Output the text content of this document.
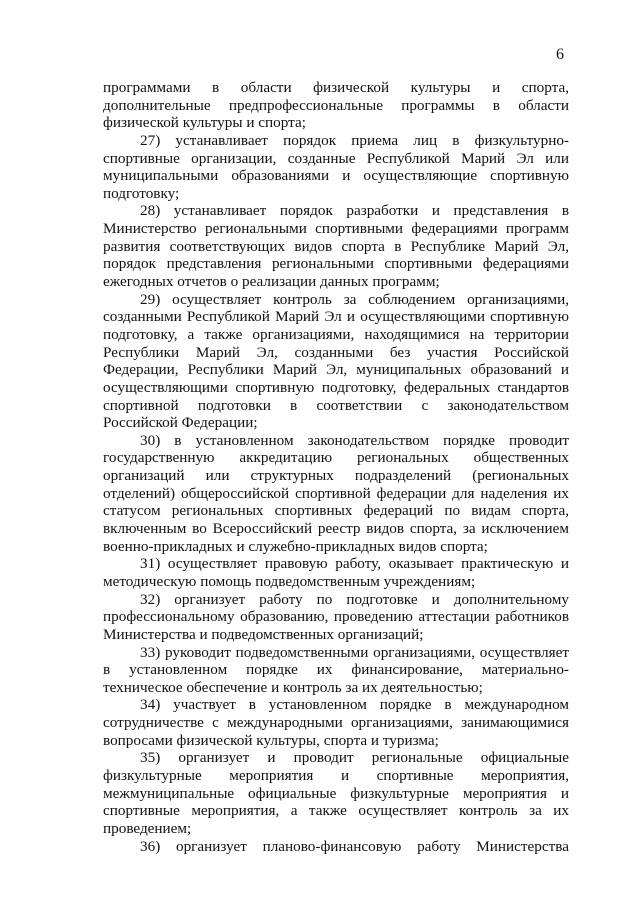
6

программами в области физической культуры и спорта, дополнительные предпрофессиональные программы в области физической культуры и спорта;

27) устанавливает порядок приема лиц в физкультурно-спортивные организации, созданные Республикой Марий Эл или муниципальными образованиями и осуществляющие спортивную подготовку;

28) устанавливает порядок разработки и представления в Министерство региональными спортивными федерациями программ развития соответствующих видов спорта в Республике Марий Эл, порядок представления региональными спортивными федерациями ежегодных отчетов о реализации данных программ;

29) осуществляет контроль за соблюдением организациями, созданными Республикой Марий Эл и осуществляющими спортивную подготовку, а также организациями, находящимися на территории Республики Марий Эл, созданными без участия Российской Федерации, Республики Марий Эл, муниципальных образований и осуществляющими спортивную подготовку, федеральных стандартов спортивной подготовки в соответствии с законодательством Российской Федерации;

30) в установленном законодательством порядке проводит государственную аккредитацию региональных общественных организаций или структурных подразделений (региональных отделений) общероссийской спортивной федерации для наделения их статусом региональных спортивных федераций по видам спорта, включенным во Всероссийский реестр видов спорта, за исключением военно-прикладных и служебно-прикладных видов спорта;

31) осуществляет правовую работу, оказывает практическую и методическую помощь подведомственным учреждениям;

32) организует работу по подготовке и дополнительному профессиональному образованию, проведению аттестации работников Министерства и подведомственных организаций;

33) руководит подведомственными организациями, осуществляет в установленном порядке их финансирование, материально-техническое обеспечение и контроль за их деятельностью;

34) участвует в установленном порядке в международном сотрудничестве с международными организациями, занимающимися вопросами физической культуры, спорта и туризма;

35) организует и проводит региональные официальные физкультурные мероприятия и спортивные мероприятия, межмуниципальные официальные физкультурные мероприятия и спортивные мероприятия, а также осуществляет контроль за их проведением;

36) организует планово-финансовую работу Министерства
